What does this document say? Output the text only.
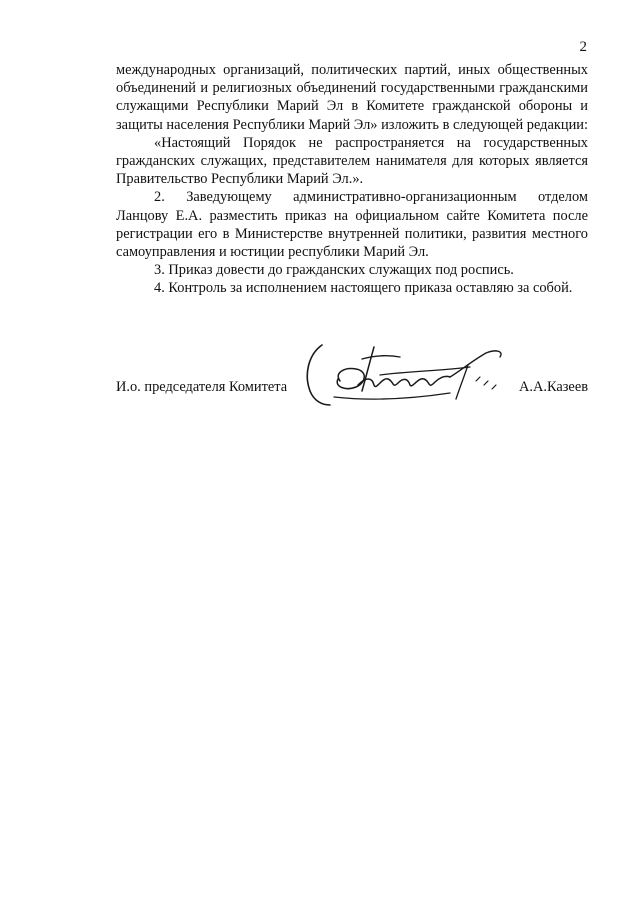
2

международных организаций, политических партий, иных общественных объединений и религиозных объединений государственными гражданскими служащими Республики Марий Эл в Комитете гражданской обороны и защиты населения Республики Марий Эл» изложить в следующей редакции:

«Настоящий Порядок не распространяется на государственных гражданских служащих, представителем нанимателя для которых является Правительство Республики Марий Эл.».

2. Заведующему административно-организационным отделом Ланцову Е.А. разместить приказ на официальном сайте Комитета после регистрации его в Министерстве внутренней политики, развития местного самоуправления и юстиции республики Марий Эл.

3. Приказ довести до гражданских служащих под роспись.

4. Контроль за исполнением настоящего приказа оставляю за собой.

И.о. председателя Комитета	А.А.Казеев
